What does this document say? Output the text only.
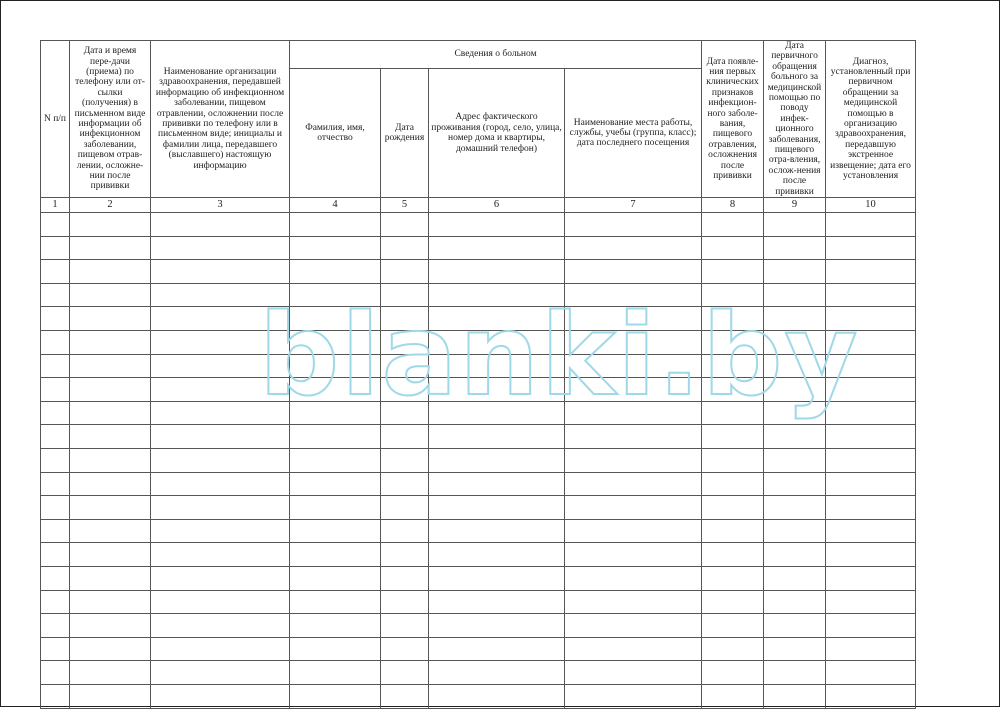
N п/п	Дата и время пере-дачи (приема) по телефону или от-сылки (получения) в письменном виде информации об инфекционном заболевании, пищевом отрав-лении, осложне-нии после прививки	Наименование организации здравоохранения, передавшей информацию об инфекционном заболевании, пищевом отравлении, осложнении после прививки по телефону или в письменном виде; инициалы и фамилии лица, передавшего (выславшего) настоящую информацию	Сведения о больном				Дата появле-ния первых клинических признаков инфекцион-ного заболе-вания, пищевого отравления, осложнения после прививки	Дата первичного обращения больного за медицинской помощью по поводу инфек-ционного заболевания, пищевого отра-вления, ослож-нения после прививки	Диагноз, установленный при первичном обращении за медицинской помощью в организацию здравоохранения, передавшую экстренное извещение; дата его установления
			Фамилия, имя, отчество	Дата рождения	Адрес фактического проживания (город, село, улица, номер дома и квартиры, домашний телефон)	Наименование места работы, службы, учебы (группа, класс); дата последнего посещения			
1	2	3	4	5	6	7	8	9	10

blanki.by
